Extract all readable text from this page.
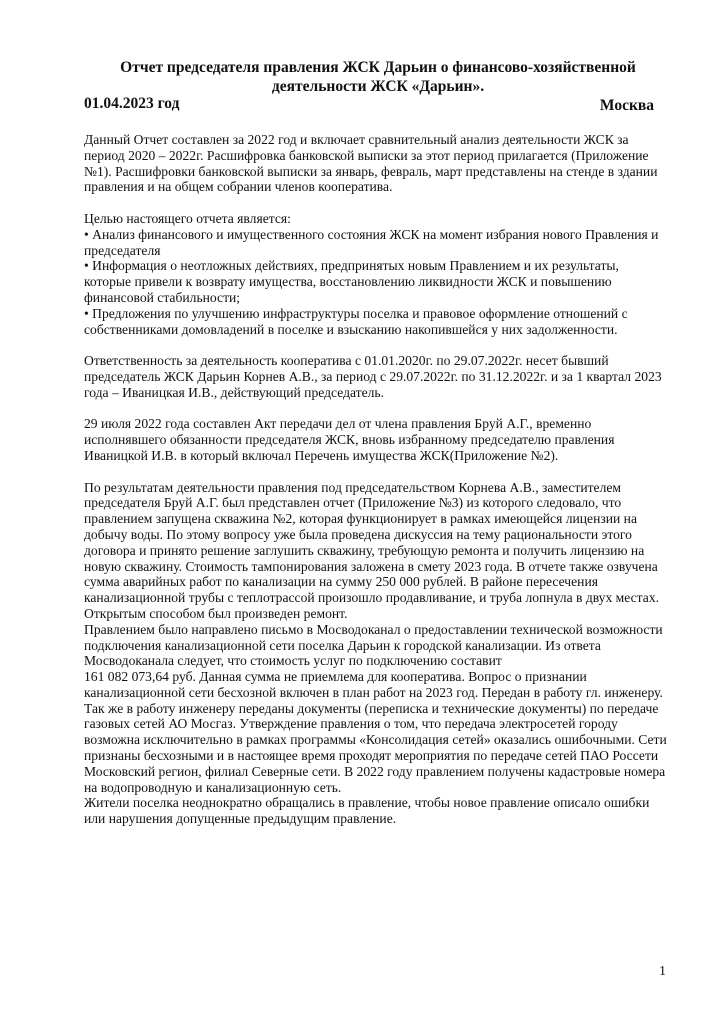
Отчет председателя правления ЖСК Дарьин о финансово-хозяйственной
деятельности ЖСК «Дарьин».

01.04.2023 год	Москва

Данный Отчет составлен за 2022 год и включает сравнительный анализ деятельности ЖСК за период 2020 – 2022г. Расшифровка банковской выписки за этот период прилагается (Приложение №1). Расшифровки банковской выписки за январь, февраль, март представлены на стенде в здании правления и на общем собрании членов кооператива.

Целью настоящего отчета является:

• Анализ финансового и имущественного состояния ЖСК на момент избрания нового Правления и председателя

• Информация о неотложных действиях, предпринятых новым Правлением и их результаты, которые привели к возврату имущества, восстановлению ликвидности ЖСК и повышению финансовой стабильности;

• Предложения по улучшению инфраструктуры поселка и правовое оформление отношений с собственниками домовладений в поселке и взысканию накопившейся у них задолженности.

Ответственность за деятельность кооператива с 01.01.2020г. по 29.07.2022г. несет бывший председатель ЖСК Дарьин Корнев А.В., за период с 29.07.2022г. по 31.12.2022г. и за 1 квартал 2023 года – Иваницкая И.В., действующий председатель.

29 июля 2022 года составлен Акт передачи дел от члена правления Бруй А.Г., временно исполнявшего обязанности председателя ЖСК, вновь избранному председателю правления Иваницкой И.В. в который включал Перечень имущества ЖСК(Приложение №2).

По результатам деятельности правления под председательством Корнева А.В., заместителем председателя Бруй А.Г. был представлен отчет (Приложение №3) из которого следовало, что правлением запущена скважина №2, которая функционирует в рамках имеющейся лицензии на добычу воды. По этому вопросу уже была проведена дискуссия на тему рациональности этого договора и принято решение заглушить скважину, требующую ремонта и получить лицензию на новую скважину. Стоимость тампонирования заложена в смету 2023 года. В отчете также озвучена сумма аварийных работ по канализации на сумму 250 000 рублей. В районе пересечения канализационной трубы с теплотрассой произошло продавливание, и труба лопнула в двух местах. Открытым способом был произведен ремонт.

Правлением было направлено письмо в Мосводоканал о предоставлении технической возможности подключения канализационной сети поселка Дарьин к городской канализации. Из ответа Мосводоканала следует, что стоимость услуг по подключению составит

161 082 073,64 руб. Данная сумма не приемлема для кооператива. Вопрос о признании канализационной сети бесхозной включен в план работ на 2023 год. Передан в работу гл. инженеру. Так же в работу инженеру переданы документы (переписка и технические документы) по передаче газовых сетей АО Мосгаз. Утверждение правления о том, что передача электросетей городу возможна исключительно в рамках программы «Консолидация сетей» оказались ошибочными. Сети признаны бесхозными и в настоящее время проходят мероприятия по передаче сетей ПАО Россети Московский регион, филиал Северные сети. В 2022 году правлением получены кадастровые номера на водопроводную и канализационную сеть.

Жители поселка неоднократно обращались в правление, чтобы новое правление описало ошибки или нарушения допущенные предыдущим правление.

1
